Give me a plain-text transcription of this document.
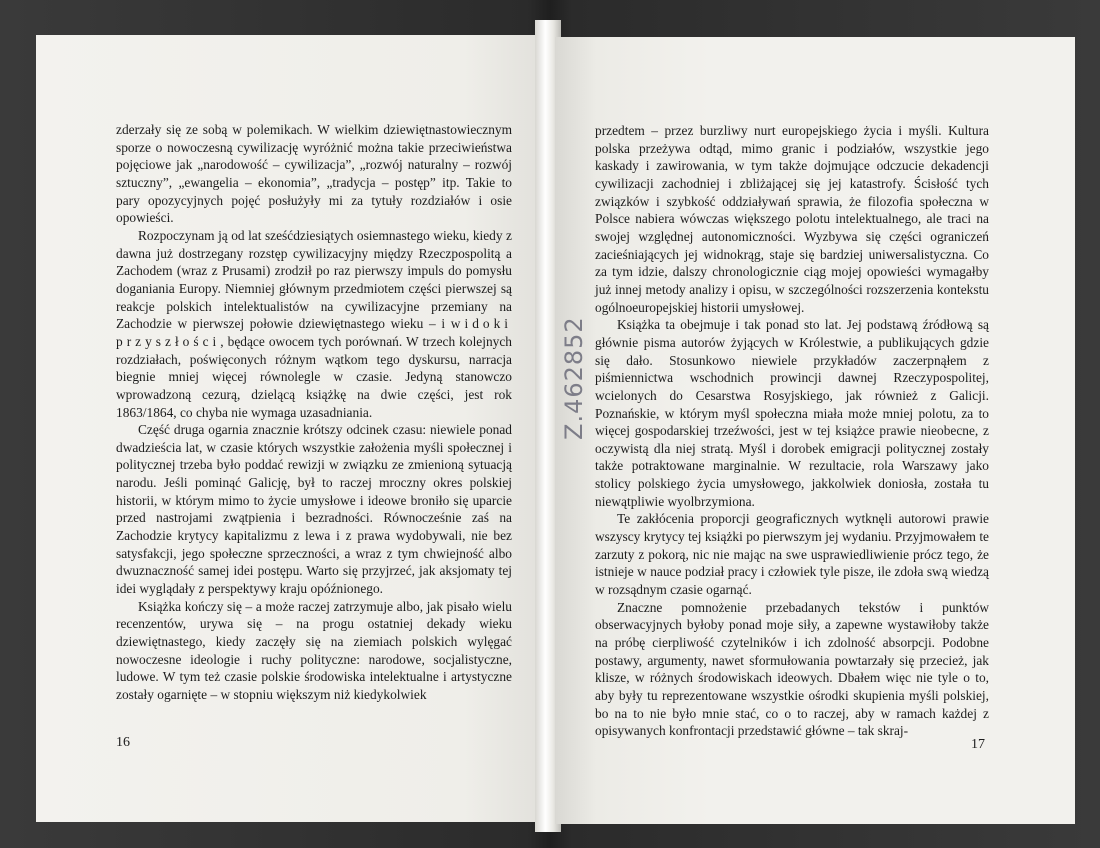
zderzały się ze sobą w polemikach. W wielkim dziewiętnastowiecznym sporze o nowoczesną cywilizację wyróżnić można takie przeciwieństwa pojęciowe jak „narodowość – cywilizacja”, „rozwój naturalny – rozwój sztuczny”, „ewangelia – ekonomia”, „tradycja – postęp” itp. Takie to pary opozycyjnych pojęć posłużyły mi za tytuły rozdziałów i osie opowieści.

Rozpoczynam ją od lat sześćdziesiątych osiemnastego wieku, kiedy z dawna już dostrzegany rozstęp cywilizacyjny między Rzeczpospolitą a Zachodem (wraz z Prusami) zrodził po raz pierwszy impuls do pomysłu doganiania Europy. Niemniej głównym przedmiotem części pierwszej są reakcje polskich intelektualistów na cywilizacyjne przemiany na Zachodzie w pierwszej połowie dziewiętnastego wieku – i widoki przyszłości, będące owocem tych porównań. W trzech kolejnych rozdziałach, poświęconych różnym wątkom tego dyskursu, narracja biegnie mniej więcej równolegle w czasie. Jedyną stanowczo wprowadzoną cezurą, dzielącą książkę na dwie części, jest rok 1863/1864, co chyba nie wymaga uzasadniania.

Część druga ogarnia znacznie krótszy odcinek czasu: niewiele ponad dwadzieścia lat, w czasie których wszystkie założenia myśli społecznej i politycznej trzeba było poddać rewizji w związku ze zmienioną sytuacją narodu. Jeśli pominąć Galicję, był to raczej mroczny okres polskiej historii, w którym mimo to życie umysłowe i ideowe broniło się uparcie przed nastrojami zwątpienia i bezradności. Równocześnie zaś na Zachodzie krytycy kapitalizmu z lewa i z prawa wydobywali, nie bez satysfakcji, jego społeczne sprzeczności, a wraz z tym chwiejność albo dwuznaczność samej idei postępu. Warto się przyjrzeć, jak aksjomaty tej idei wyglądały z perspektywy kraju opóźnionego.

Książka kończy się – a może raczej zatrzymuje albo, jak pisało wielu recenzentów, urywa się – na progu ostatniej dekady wieku dziewiętnastego, kiedy zaczęły się na ziemiach polskich wylęgać nowoczesne ideologie i ruchy polityczne: narodowe, socjalistyczne, ludowe. W tym też czasie polskie środowiska intelektualne i artystyczne zostały ogarnięte – w stopniu większym niż kiedykolwiek

16

przedtem – przez burzliwy nurt europejskiego życia i myśli. Kultura polska przeżywa odtąd, mimo granic i podziałów, wszystkie jego kaskady i zawirowania, w tym także dojmujące odczucie dekadencji cywilizacji zachodniej i zbliżającej się jej katastrofy. Ścisłość tych związków i szybkość oddziaływań sprawia, że filozofia społeczna w Polsce nabiera wówczas większego polotu intelektualnego, ale traci na swojej względnej autonomiczności. Wyzbywa się części ograniczeń zacieśniających jej widnokrąg, staje się bardziej uniwersalistyczna. Co za tym idzie, dalszy chronologicznie ciąg mojej opowieści wymagałby już innej metody analizy i opisu, w szczególności rozszerzenia kontekstu ogólnoeuropejskiej historii umysłowej.

Książka ta obejmuje i tak ponad sto lat. Jej podstawą źródłową są głównie pisma autorów żyjących w Królestwie, a publikujących gdzie się dało. Stosunkowo niewiele przykładów zaczerpnąłem z piśmiennictwa wschodnich prowincji dawnej Rzeczypospolitej, wcielonych do Cesarstwa Rosyjskiego, jak również z Galicji. Poznańskie, w którym myśl społeczna miała może mniej polotu, za to więcej gospodarskiej trzeźwości, jest w tej książce prawie nieobecne, z oczywistą dla niej stratą. Myśl i dorobek emigracji politycznej zostały także potraktowane marginalnie. W rezultacie, rola Warszawy jako stolicy polskiego życia umysłowego, jakkolwiek doniosła, została tu niewątpliwie wyolbrzymiona.

Te zakłócenia proporcji geograficznych wytknęli autorowi prawie wszyscy krytycy tej książki po pierwszym jej wydaniu. Przyjmowałem te zarzuty z pokorą, nic nie mając na swe usprawiedliwienie prócz tego, że istnieje w nauce podział pracy i człowiek tyle pisze, ile zdoła swą wiedzą w rozsądnym czasie ogarnąć.

Znaczne pomnożenie przebadanych tekstów i punktów obserwacyjnych byłoby ponad moje siły, a zapewne wystawiłoby także na próbę cierpliwość czytelników i ich zdolność absorpcji. Podobne postawy, argumenty, nawet sformułowania powtarzały się przecież, jak klisze, w różnych środowiskach ideowych. Dbałem więc nie tyle o to, aby były tu reprezentowane wszystkie ośrodki skupienia myśli polskiej, bo na to nie było mnie stać, co o to raczej, aby w ramach każdej z opisywanych konfrontacji przedstawić główne – tak skraj-

17
Z.462852
